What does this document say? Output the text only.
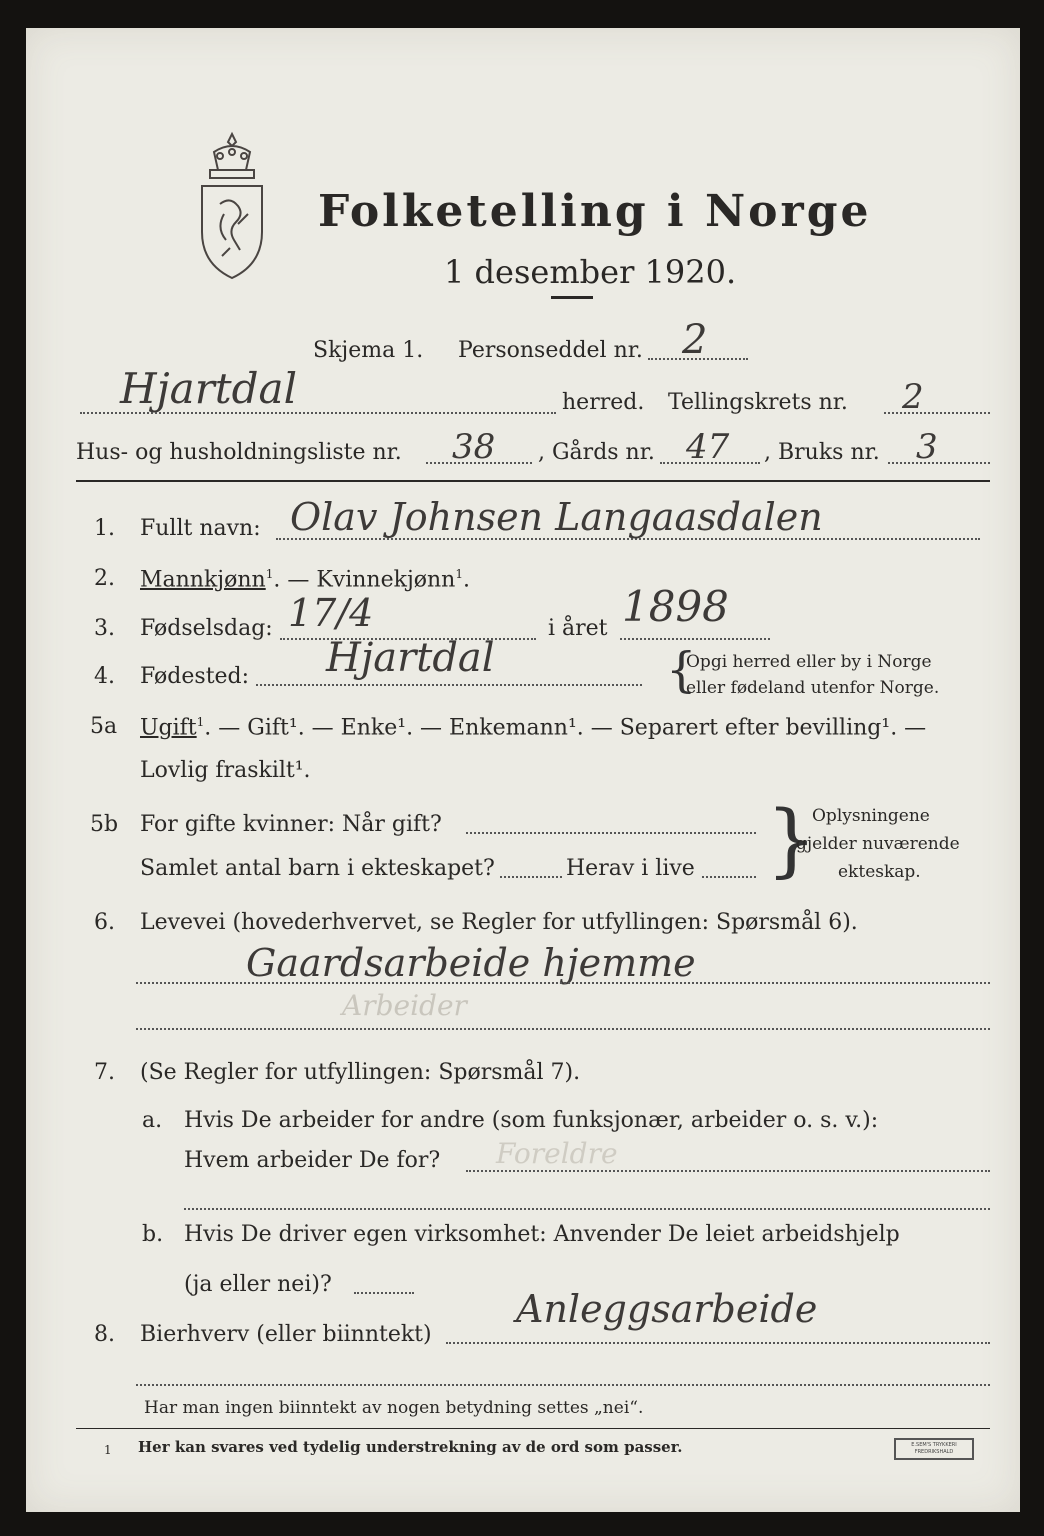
Folketelling i Norge
1 desember 1920.
Skjema 1. Personseddel nr. 2
Hjartdal	herred. Tellingskrets nr. 2
Hus- og husholdningsliste nr. 38 , Gårds nr. 47 , Bruks nr. 3
1. Fullt navn: Olav Johnsen Langaasdalen
2. Mannkjønn$^1$. — Kvinnekjønn$^1$.
3. Fødselsdag: 17/4	i året 1898
4. Fødested: Hjartdal	{
Opgi herred eller by i Norge
eller fødeland utenfor Norge.
5a Ugift$^1$. — Gift¹. — Enke¹. — Enkemann¹. — Separert efter bevilling¹. —
Lovlig fraskilt¹.
5b For gifte kvinner: Når gift?
Samlet antal barn i ekteskapet?	Herav i live }
Oplysningene
gjelder nuværende
ekteskap.
6. Levevei (hovederhvervet, se Regler for utfyllingen: Spørsmål 6).
Gaardsarbeide hjemme
Arbeider
7. (Se Regler for utfyllingen: Spørsmål 7).
a. Hvis De arbeider for andre (som funksjonær, arbeider o. s. v.):
Hvem arbeider De for? Foreldre
b. Hvis De driver egen virksomhet: Anvender De leiet arbeidshjelp
(ja eller nei)?
8. Bierhverv (eller biinntekt)
Anleggsarbeide
Har man ingen biinntekt av nogen betydning settes „nei“.
1 Her kan svares ved tydelig understrekning av de ord som passer.	E.SEM'S TRYKKERI
FREDRIKSHALD
